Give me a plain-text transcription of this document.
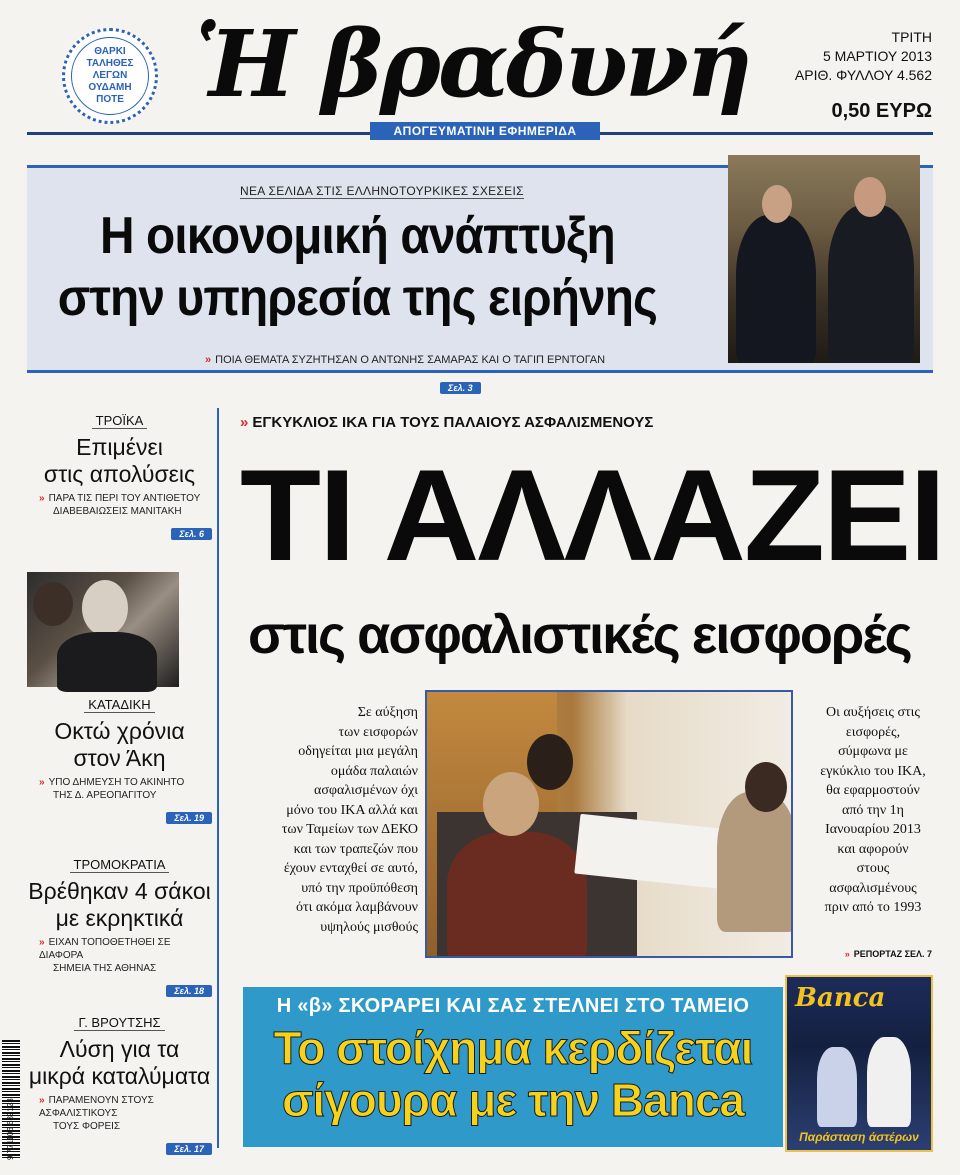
ΘΑΡΚΙ
ΤΑΛΗΘΕΣ
ΛΕΓΩΝ
ΟΥΔΑΜΗ
ΠΟΤΕ Ἡ βραδυνή
ΑΠΟΓΕΥΜΑΤΙΝΗ ΕΦΗΜΕΡΙΔΑ
ΤΡΙΤΗ
5 ΜΑΡΤΙΟΥ 2013
ΑΡΙΘ. ΦΥΛΛΟΥ 4.562
0,50 ΕΥΡΩ
ΝΕΑ ΣΕΛΙΔΑ ΣΤΙΣ ΕΛΛΗΝΟΤΟΥΡΚΙΚΕΣ ΣΧΕΣΕΙΣ
Η οικονομική ανάπτυξη
στην υπηρεσία της ειρήνης
» ΠΟΙΑ ΘΕΜΑΤΑ ΣΥΖΗΤΗΣΑΝ Ο ΑΝΤΩΝΗΣ ΣΑΜΑΡΑΣ ΚΑΙ Ο ΤΑΓΙΠ ΕΡΝΤΟΓΑΝ
Σελ. 3
ΤΡΟΪΚΑ
Επιμένει
στις απολύσεις
» ΠΑΡΑ ΤΙΣ ΠΕΡΙ ΤΟΥ ΑΝΤΙΘΕΤΟΥ
ΔΙΑΒΕΒΑΙΩΣΕΙΣ ΜΑΝΙΤΑΚΗ
Σελ. 6
ΚΑΤΑΔΙΚΗ
Οκτώ χρόνια
στον Άκη
» ΥΠΟ ΔΗΜΕΥΣΗ ΤΟ ΑΚΙΝΗΤΟ
ΤΗΣ Δ. ΑΡΕΟΠΑΓΙΤΟΥ
Σελ. 19
ΤΡΟΜΟΚΡΑΤΙΑ
Βρέθηκαν 4 σάκοι
με εκρηκτικά
» ΕΙΧΑΝ ΤΟΠΟΘΕΤΗΘΕΙ ΣΕ ΔΙΑΦΟΡΑ
ΣΗΜΕΙΑ ΤΗΣ ΑΘΗΝΑΣ
Σελ. 18
Γ. ΒΡΟΥΤΣΗΣ
Λύση για τα
μικρά καταλύματα
» ΠΑΡΑΜΕΝΟΥΝ ΣΤΟΥΣ ΑΣΦΑΛΙΣΤΙΚΟΥΣ
ΤΟΥΣ ΦΟΡΕΙΣ
Σελ. 17
» ΕΓΚΥΚΛΙΟΣ ΙΚΑ ΓΙΑ ΤΟΥΣ ΠΑΛΑΙΟΥΣ ΑΣΦΑΛΙΣΜΕΝΟΥΣ
ΤΙ ΑΛΛΑΖΕΙ
στις ασφαλιστικές εισφορές
Σε αύξηση
των εισφορών
οδηγείται μια μεγάλη
ομάδα παλαιών
ασφαλισμένων όχι
μόνο του ΙΚΑ αλλά και
των Ταμείων των ΔΕΚΟ
και των τραπεζών που
έχουν ενταχθεί σε αυτό,
υπό την προϋπόθεση
ότι ακόμα λαμβάνουν
υψηλούς μισθούς
Οι αυξήσεις στις
εισφορές,
σύμφωνα με
εγκύκλιο του ΙΚΑ,
θα εφαρμοστούν
από την 1η
Ιανουαρίου 2013
και αφορούν
στους
ασφαλισμένους
πριν από το 1993
» ΡΕΠΟΡΤΑΖ ΣΕΛ. 7
Η «β» ΣΚΟΡΑΡΕΙ ΚΑΙ ΣΑΣ ΣΤΕΛΝΕΙ ΣΤΟ ΤΑΜΕΙΟ
Το στοίχημα κερδίζεται
σίγουρα με την Banca
Banca
Παράσταση άστέρων
9 771106 689123
